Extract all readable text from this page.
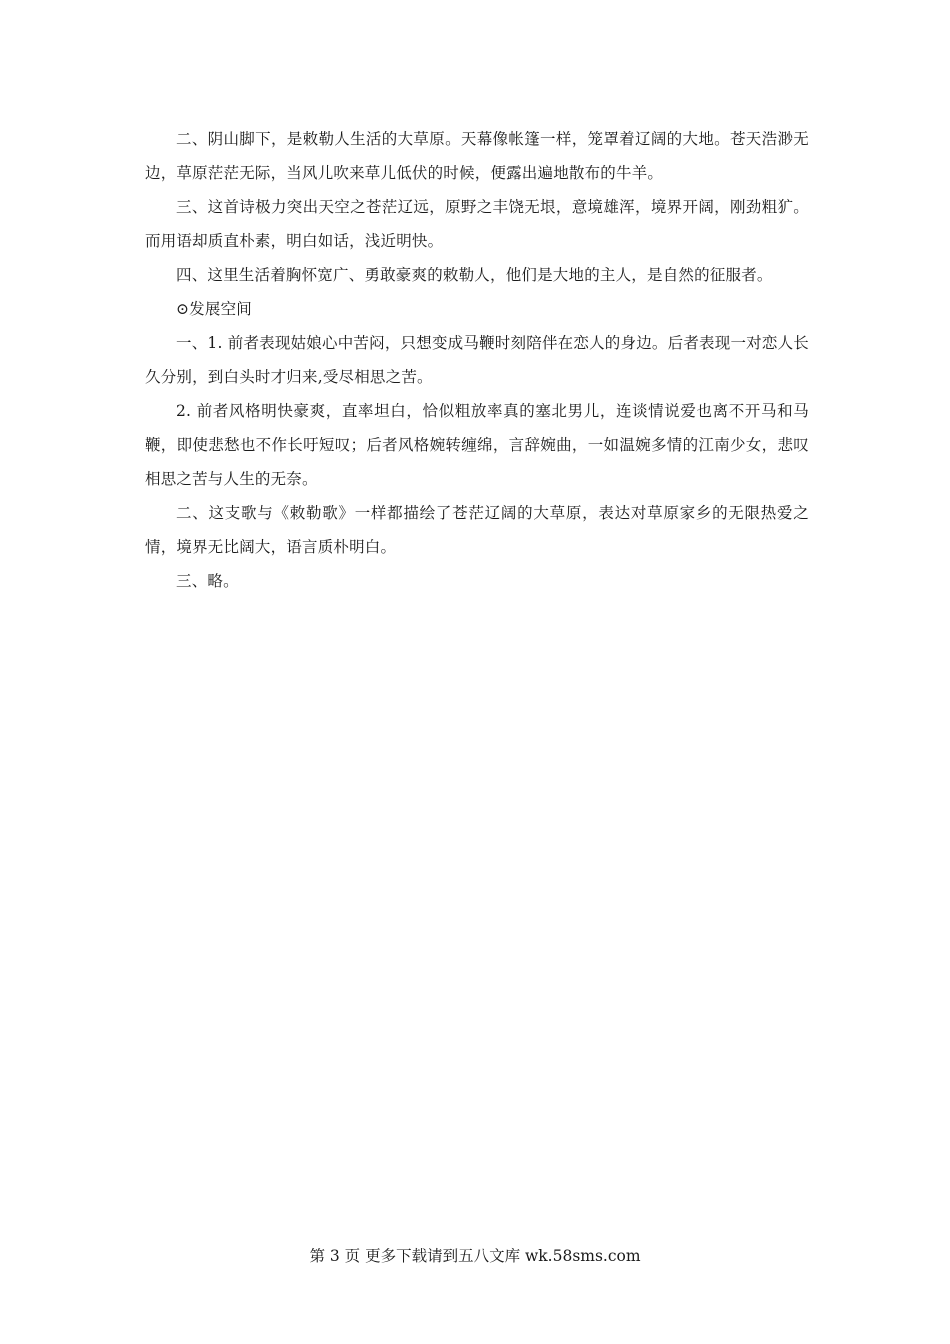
二、阴山脚下，是敕勒人生活的大草原。天幕像帐篷一样，笼罩着辽阔的大地。苍天浩渺无边，草原茫茫无际，当风儿吹来草儿低伏的时候，便露出遍地散布的牛羊。

三、这首诗极力突出天空之苍茫辽远，原野之丰饶无垠，意境雄浑，境界开阔，刚劲粗犷。而用语却质直朴素，明白如话，浅近明快。

四、这里生活着胸怀宽广、勇敢豪爽的敕勒人，他们是大地的主人，是自然的征服者。

⊙发展空间

一、1. 前者表现姑娘心中苦闷，只想变成马鞭时刻陪伴在恋人的身边。后者表现一对恋人长久分别，到白头时才归来,受尽相思之苦。

2. 前者风格明快豪爽，直率坦白，恰似粗放率真的塞北男儿，连谈情说爱也离不开马和马鞭，即使悲愁也不作长吁短叹；后者风格婉转缠绵，言辞婉曲，一如温婉多情的江南少女，悲叹相思之苦与人生的无奈。

二、这支歌与《敕勒歌》一样都描绘了苍茫辽阔的大草原，表达对草原家乡的无限热爱之情，境界无比阔大，语言质朴明白。

三、略。

第 3 页 更多下载请到五八文库 wk.58sms.com
